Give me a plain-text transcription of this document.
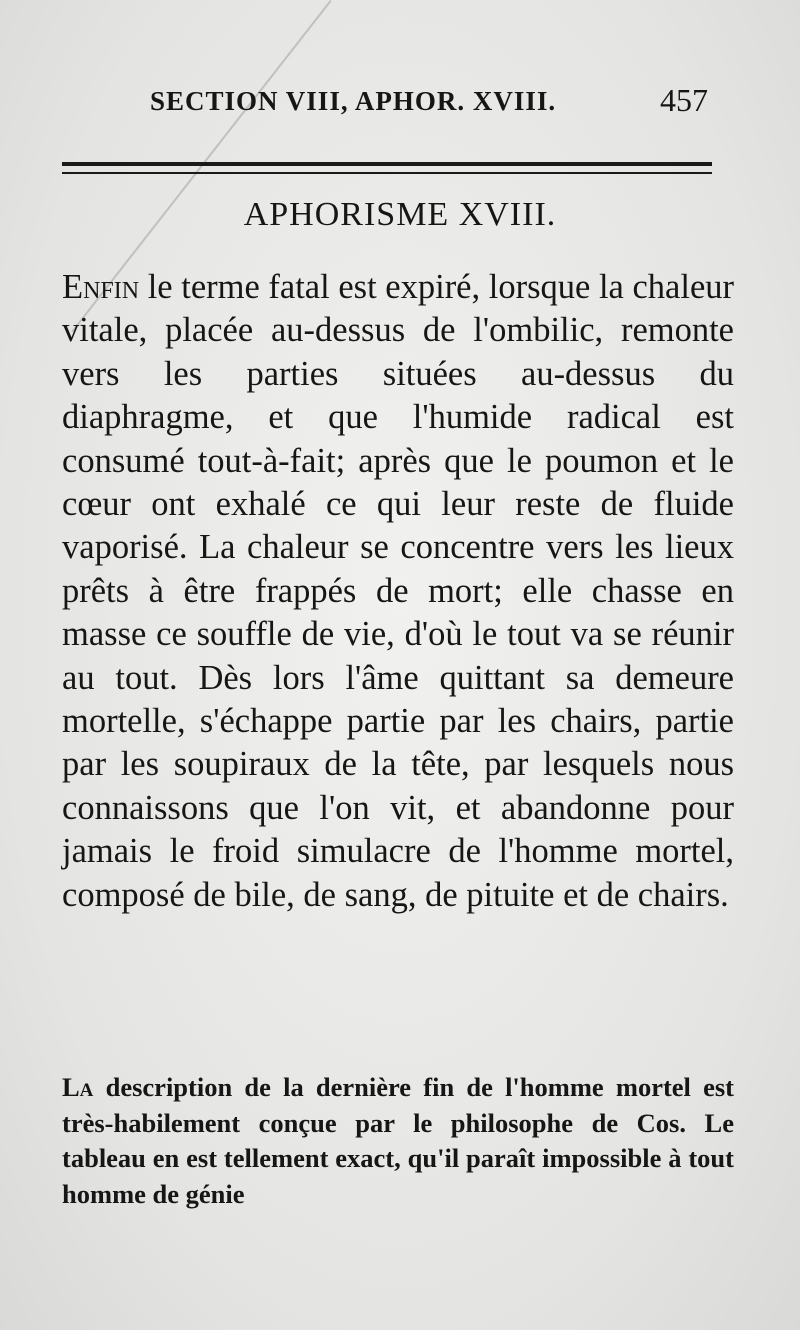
SECTION VIII, APHOR. XVIII.	457
APHORISME XVIII.

Enfin le terme fatal est expiré, lorsque la chaleur vitale, placée au-dessus de l'ombilic, remonte vers les parties situées au-dessus du diaphragme, et que l'humide radical est consumé tout-à-fait; après que le poumon et le cœur ont exhalé ce qui leur reste de fluide vaporisé. La chaleur se concentre vers les lieux prêts à être frappés de mort; elle chasse en masse ce souffle de vie, d'où le tout va se réunir au tout. Dès lors l'âme quittant sa demeure mortelle, s'échappe partie par les chairs, partie par les soupiraux de la tête, par lesquels nous connaissons que l'on vit, et abandonne pour jamais le froid simulacre de l'homme mortel, composé de bile, de sang, de pituite et de chairs.

La description de la dernière fin de l'homme mortel est très-habilement conçue par le philosophe de Cos. Le tableau en est tellement exact, qu'il paraît impossible à tout homme de génie
